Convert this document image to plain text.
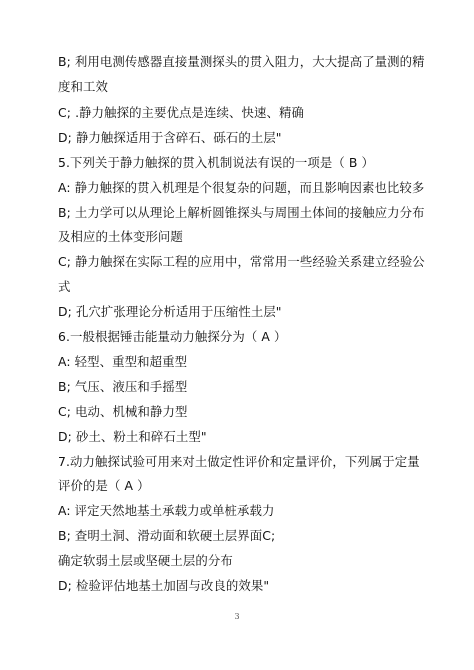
B; 利用电测传感器直接量测探头的贯入阻力，大大提高了量测的精
度和工效
C; .静力触探的主要优点是连续、快速、精确
D; 静力触探适用于含碎石、砾石的土层"
5.下列关于静力触探的贯入机制说法有误的一项是（ B ）
A: 静力触探的贯入机理是个很复杂的问题，而且影响因素也比较多
B; 土力学可以从理论上解析圆锥探头与周围土体间的接触应力分布
及相应的土体变形问题
C; 静力触探在实际工程的应用中，常常用一些经验关系建立经验公
式
D; 孔穴扩张理论分析适用于压缩性土层"
6.一般根据锤击能量动力触探分为（ A ）
A: 轻型、重型和超重型
B; 气压、液压和手摇型
C; 电动、机械和静力型
D; 砂土、粉土和碎石土型"
7.动力触探试验可用来对土做定性评价和定量评价，下列属于定量
评价的是（ A ）
A: 评定天然地基土承载力或单桩承载力
B; 查明土洞、滑动面和软硬土层界面C;
确定软弱土层或坚硬土层的分布
D; 检验评估地基土加固与改良的效果"
3
